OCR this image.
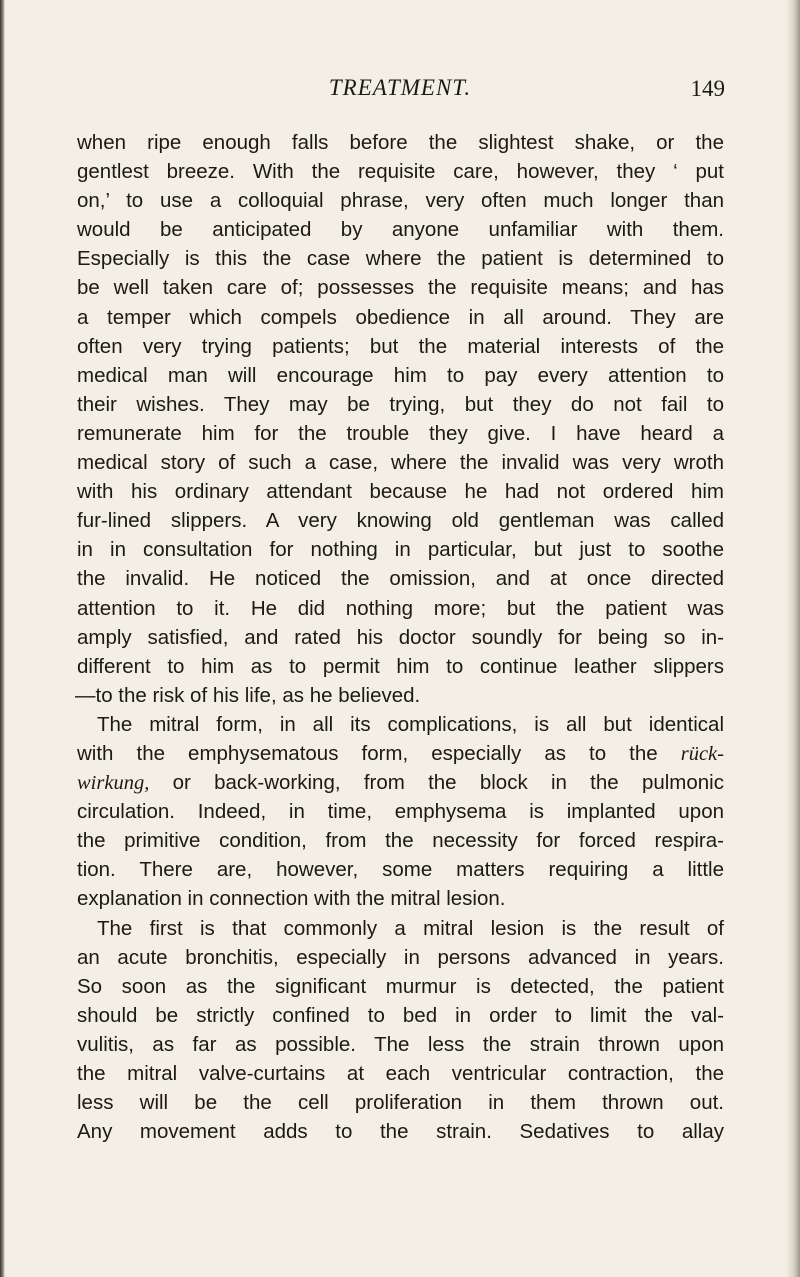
TREATMENT.	149
when ripe enough falls before the slightest shake, or the
gentlest breeze. With the requisite care, however, they ‘ put
on,’ to use a colloquial phrase, very often much longer than
would be anticipated by anyone unfamiliar with them.
Especially is this the case where the patient is determined to
be well taken care of; possesses the requisite means; and has
a temper which compels obedience in all around. They are
often very trying patients; but the material interests of the
medical man will encourage him to pay every attention to
their wishes. They may be trying, but they do not fail to
remunerate him for the trouble they give. I have heard a
medical story of such a case, where the invalid was very wroth
with his ordinary attendant because he had not ordered him
fur-lined slippers. A very knowing old gentleman was called
in in consultation for nothing in particular, but just to soothe
the invalid. He noticed the omission, and at once directed
attention to it. He did nothing more; but the patient was
amply satisfied, and rated his doctor soundly for being so in-
different to him as to permit him to continue leather slippers
—to the risk of his life, as he believed.
The mitral form, in all its complications, is all but identical
with the emphysematous form, especially as to the rück-
wirkung, or back-working, from the block in the pulmonic
circulation. Indeed, in time, emphysema is implanted upon
the primitive condition, from the necessity for forced respira-
tion. There are, however, some matters requiring a little
explanation in connection with the mitral lesion.
The first is that commonly a mitral lesion is the result of
an acute bronchitis, especially in persons advanced in years.
So soon as the significant murmur is detected, the patient
should be strictly confined to bed in order to limit the val-
vulitis, as far as possible. The less the strain thrown upon
the mitral valve-curtains at each ventricular contraction, the
less will be the cell proliferation in them thrown out.
Any movement adds to the strain. Sedatives to allay
